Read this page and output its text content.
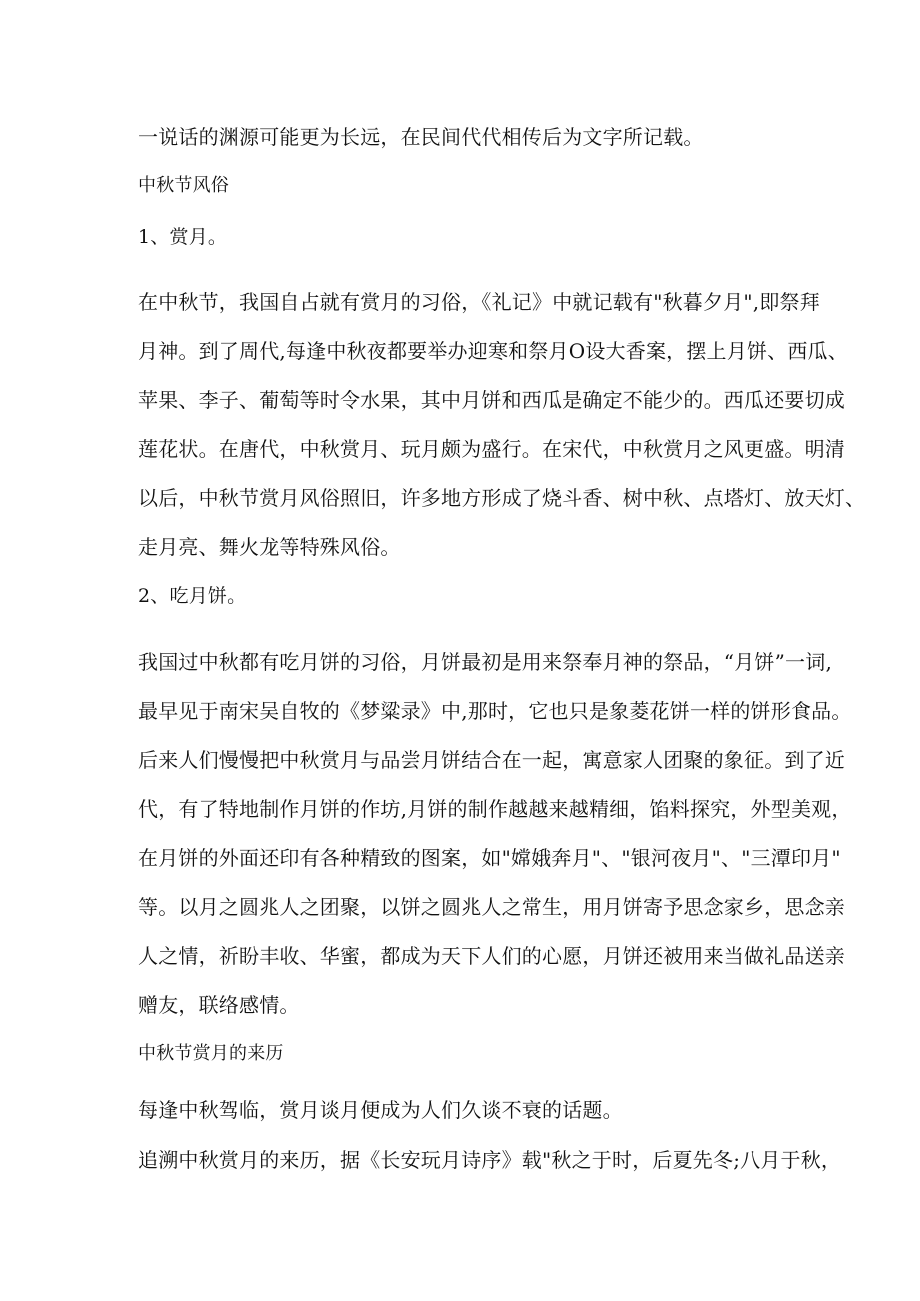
一说话的渊源可能更为长远，在民间代代相传后为文字所记载。
中秋节风俗
1、赏月。
在中秋节，我国自占就有赏月的习俗，《礼记》中就记载有"秋暮夕月",即祭拜
月神。到了周代,每逢中秋夜都要举办迎寒和祭月O设大香案，摆上月饼、西瓜、
苹果、李子、葡萄等时令水果，其中月饼和西瓜是确定不能少的。西瓜还要切成
莲花状。在唐代，中秋赏月、玩月颇为盛行。在宋代，中秋赏月之风更盛。明清
以后，中秋节赏月风俗照旧，许多地方形成了烧斗香、树中秋、点塔灯、放天灯、
走月亮、舞火龙等特殊风俗。
2、吃月饼。
我国过中秋都有吃月饼的习俗，月饼最初是用来祭奉月神的祭品，“月饼”一词,
最早见于南宋吴自牧的《梦粱录》中,那时，它也只是象菱花饼一样的饼形食品。
后来人们慢慢把中秋赏月与品尝月饼结合在一起，寓意家人团聚的象征。到了近
代，有了特地制作月饼的作坊,月饼的制作越越来越精细，馅料探究，外型美观，
在月饼的外面还印有各种精致的图案，如"嫦娥奔月"、"银河夜月"、"三潭印月"
等。以月之圆兆人之团聚，以饼之圆兆人之常生，用月饼寄予思念家乡，思念亲
人之情，祈盼丰收、华蜜，都成为天下人们的心愿，月饼还被用来当做礼品送亲
赠友，联络感情。
中秋节赏月的来历
每逢中秋驾临，赏月谈月便成为人们久谈不衰的话题。
追溯中秋赏月的来历，据《长安玩月诗序》载"秋之于时，后夏先冬;八月于秋，
